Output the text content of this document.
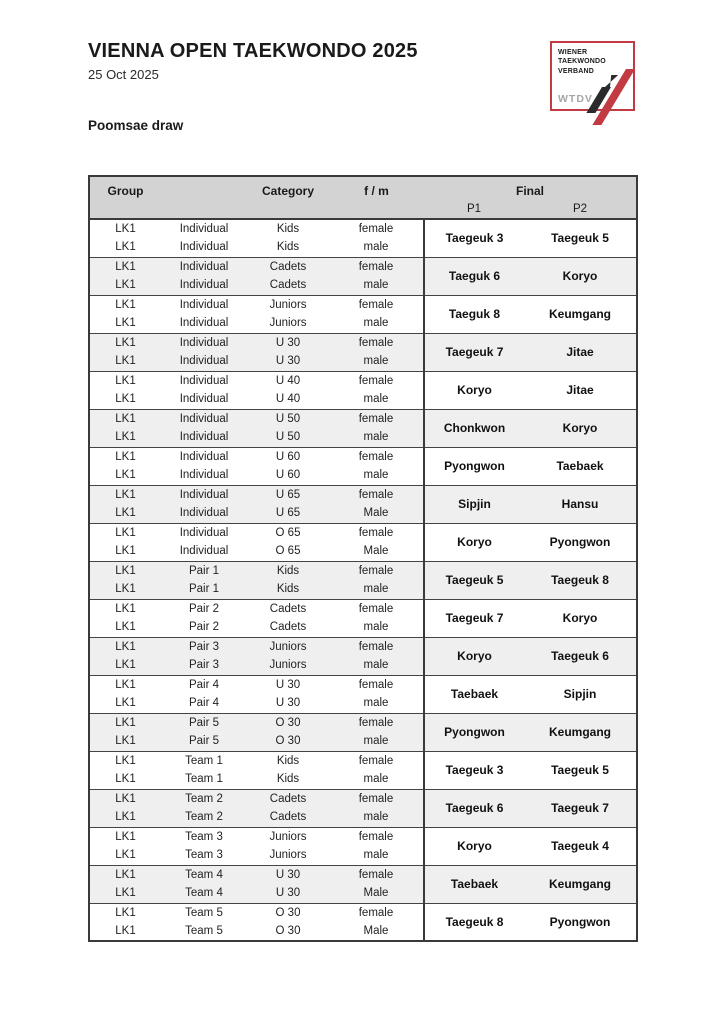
VIENNA OPEN TAEKWONDO 2025
25 Oct 2025
WIENER
TAEKWONDO
VERBAND
WTDV
Poomsae draw
Group		Category	f / m	Final	
				P1	P2
LK1	Individual	Kids	female	Taegeuk 3	Taegeuk 5
LK1	Individual	Kids	male		
LK1	Individual	Cadets	female	Taeguk 6	Koryo
LK1	Individual	Cadets	male		
LK1	Individual	Juniors	female	Taeguk 8	Keumgang
LK1	Individual	Juniors	male		
LK1	Individual	U 30	female	Taegeuk 7	Jitae
LK1	Individual	U 30	male		
LK1	Individual	U 40	female	Koryo	Jitae
LK1	Individual	U 40	male		
LK1	Individual	U 50	female	Chonkwon	Koryo
LK1	Individual	U 50	male		
LK1	Individual	U 60	female	Pyongwon	Taebaek
LK1	Individual	U 60	male		
LK1	Individual	U 65	female	Sipjin	Hansu
LK1	Individual	U 65	Male		
LK1	Individual	O 65	female	Koryo	Pyongwon
LK1	Individual	O 65	Male		
LK1	Pair 1	Kids	female	Taegeuk 5	Taegeuk 8
LK1	Pair 1	Kids	male		
LK1	Pair 2	Cadets	female	Taegeuk 7	Koryo
LK1	Pair 2	Cadets	male		
LK1	Pair 3	Juniors	female	Koryo	Taegeuk 6
LK1	Pair 3	Juniors	male		
LK1	Pair 4	U 30	female	Taebaek	Sipjin
LK1	Pair 4	U 30	male		
LK1	Pair 5	O 30	female	Pyongwon	Keumgang
LK1	Pair 5	O 30	male		
LK1	Team 1	Kids	female	Taegeuk 3	Taegeuk 5
LK1	Team 1	Kids	male		
LK1	Team 2	Cadets	female	Taegeuk 6	Taegeuk 7
LK1	Team 2	Cadets	male		
LK1	Team 3	Juniors	female	Koryo	Taegeuk 4
LK1	Team 3	Juniors	male		
LK1	Team 4	U 30	female	Taebaek	Keumgang
LK1	Team 4	U 30	Male		
LK1	Team 5	O 30	female	Taegeuk 8	Pyongwon
LK1	Team 5	O 30	Male		
